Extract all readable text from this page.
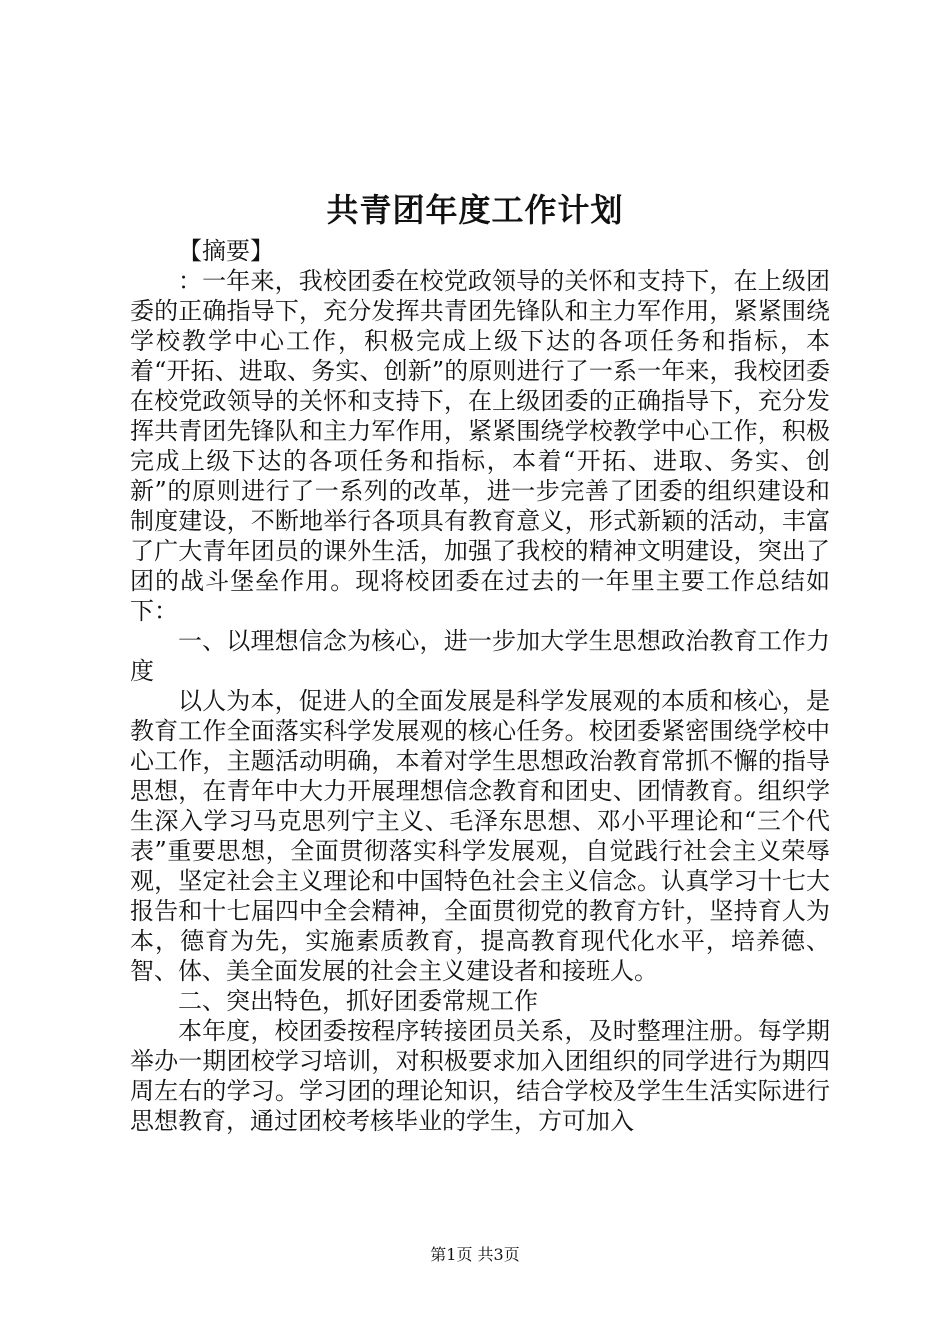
共青团年度工作计划

【摘要】

：一年来，我校团委在校党政领导的关怀和支持下，在上级团委的正确指导下，充分发挥共青团先锋队和主力军作用，紧紧围绕学校教学中心工作，积极完成上级下达的各项任务和指标，本着“开拓、进取、务实、创新”的原则进行了一系一年来，我校团委在校党政领导的关怀和支持下，在上级团委的正确指导下，充分发挥共青团先锋队和主力军作用，紧紧围绕学校教学中心工作，积极完成上级下达的各项任务和指标，本着“开拓、进取、务实、创新”的原则进行了一系列的改革，进一步完善了团委的组织建设和制度建设，不断地举行各项具有教育意义，形式新颖的活动，丰富了广大青年团员的课外生活，加强了我校的精神文明建设，突出了团的战斗堡垒作用。现将校团委在过去的一年里主要工作总结如下：

一、以理想信念为核心，进一步加大学生思想政治教育工作力度

以人为本，促进人的全面发展是科学发展观的本质和核心，是教育工作全面落实科学发展观的核心任务。校团委紧密围绕学校中心工作，主题活动明确，本着对学生思想政治教育常抓不懈的指导思想，在青年中大力开展理想信念教育和团史、团情教育。组织学生深入学习马克思列宁主义、毛泽东思想、邓小平理论和“三个代表”重要思想，全面贯彻落实科学发展观，自觉践行社会主义荣辱观，坚定社会主义理论和中国特色社会主义信念。认真学习十七大报告和十七届四中全会精神，全面贯彻党的教育方针，坚持育人为本，德育为先，实施素质教育，提高教育现代化水平，培养德、智、体、美全面发展的社会主义建设者和接班人。

二、突出特色，抓好团委常规工作

本年度，校团委按程序转接团员关系，及时整理注册。每学期举办一期团校学习培训，对积极要求加入团组织的同学进行为期四周左右的学习。学习团的理论知识，结合学校及学生生活实际进行思想教育，通过团校考核毕业的学生，方可加入

第1页 共3页
